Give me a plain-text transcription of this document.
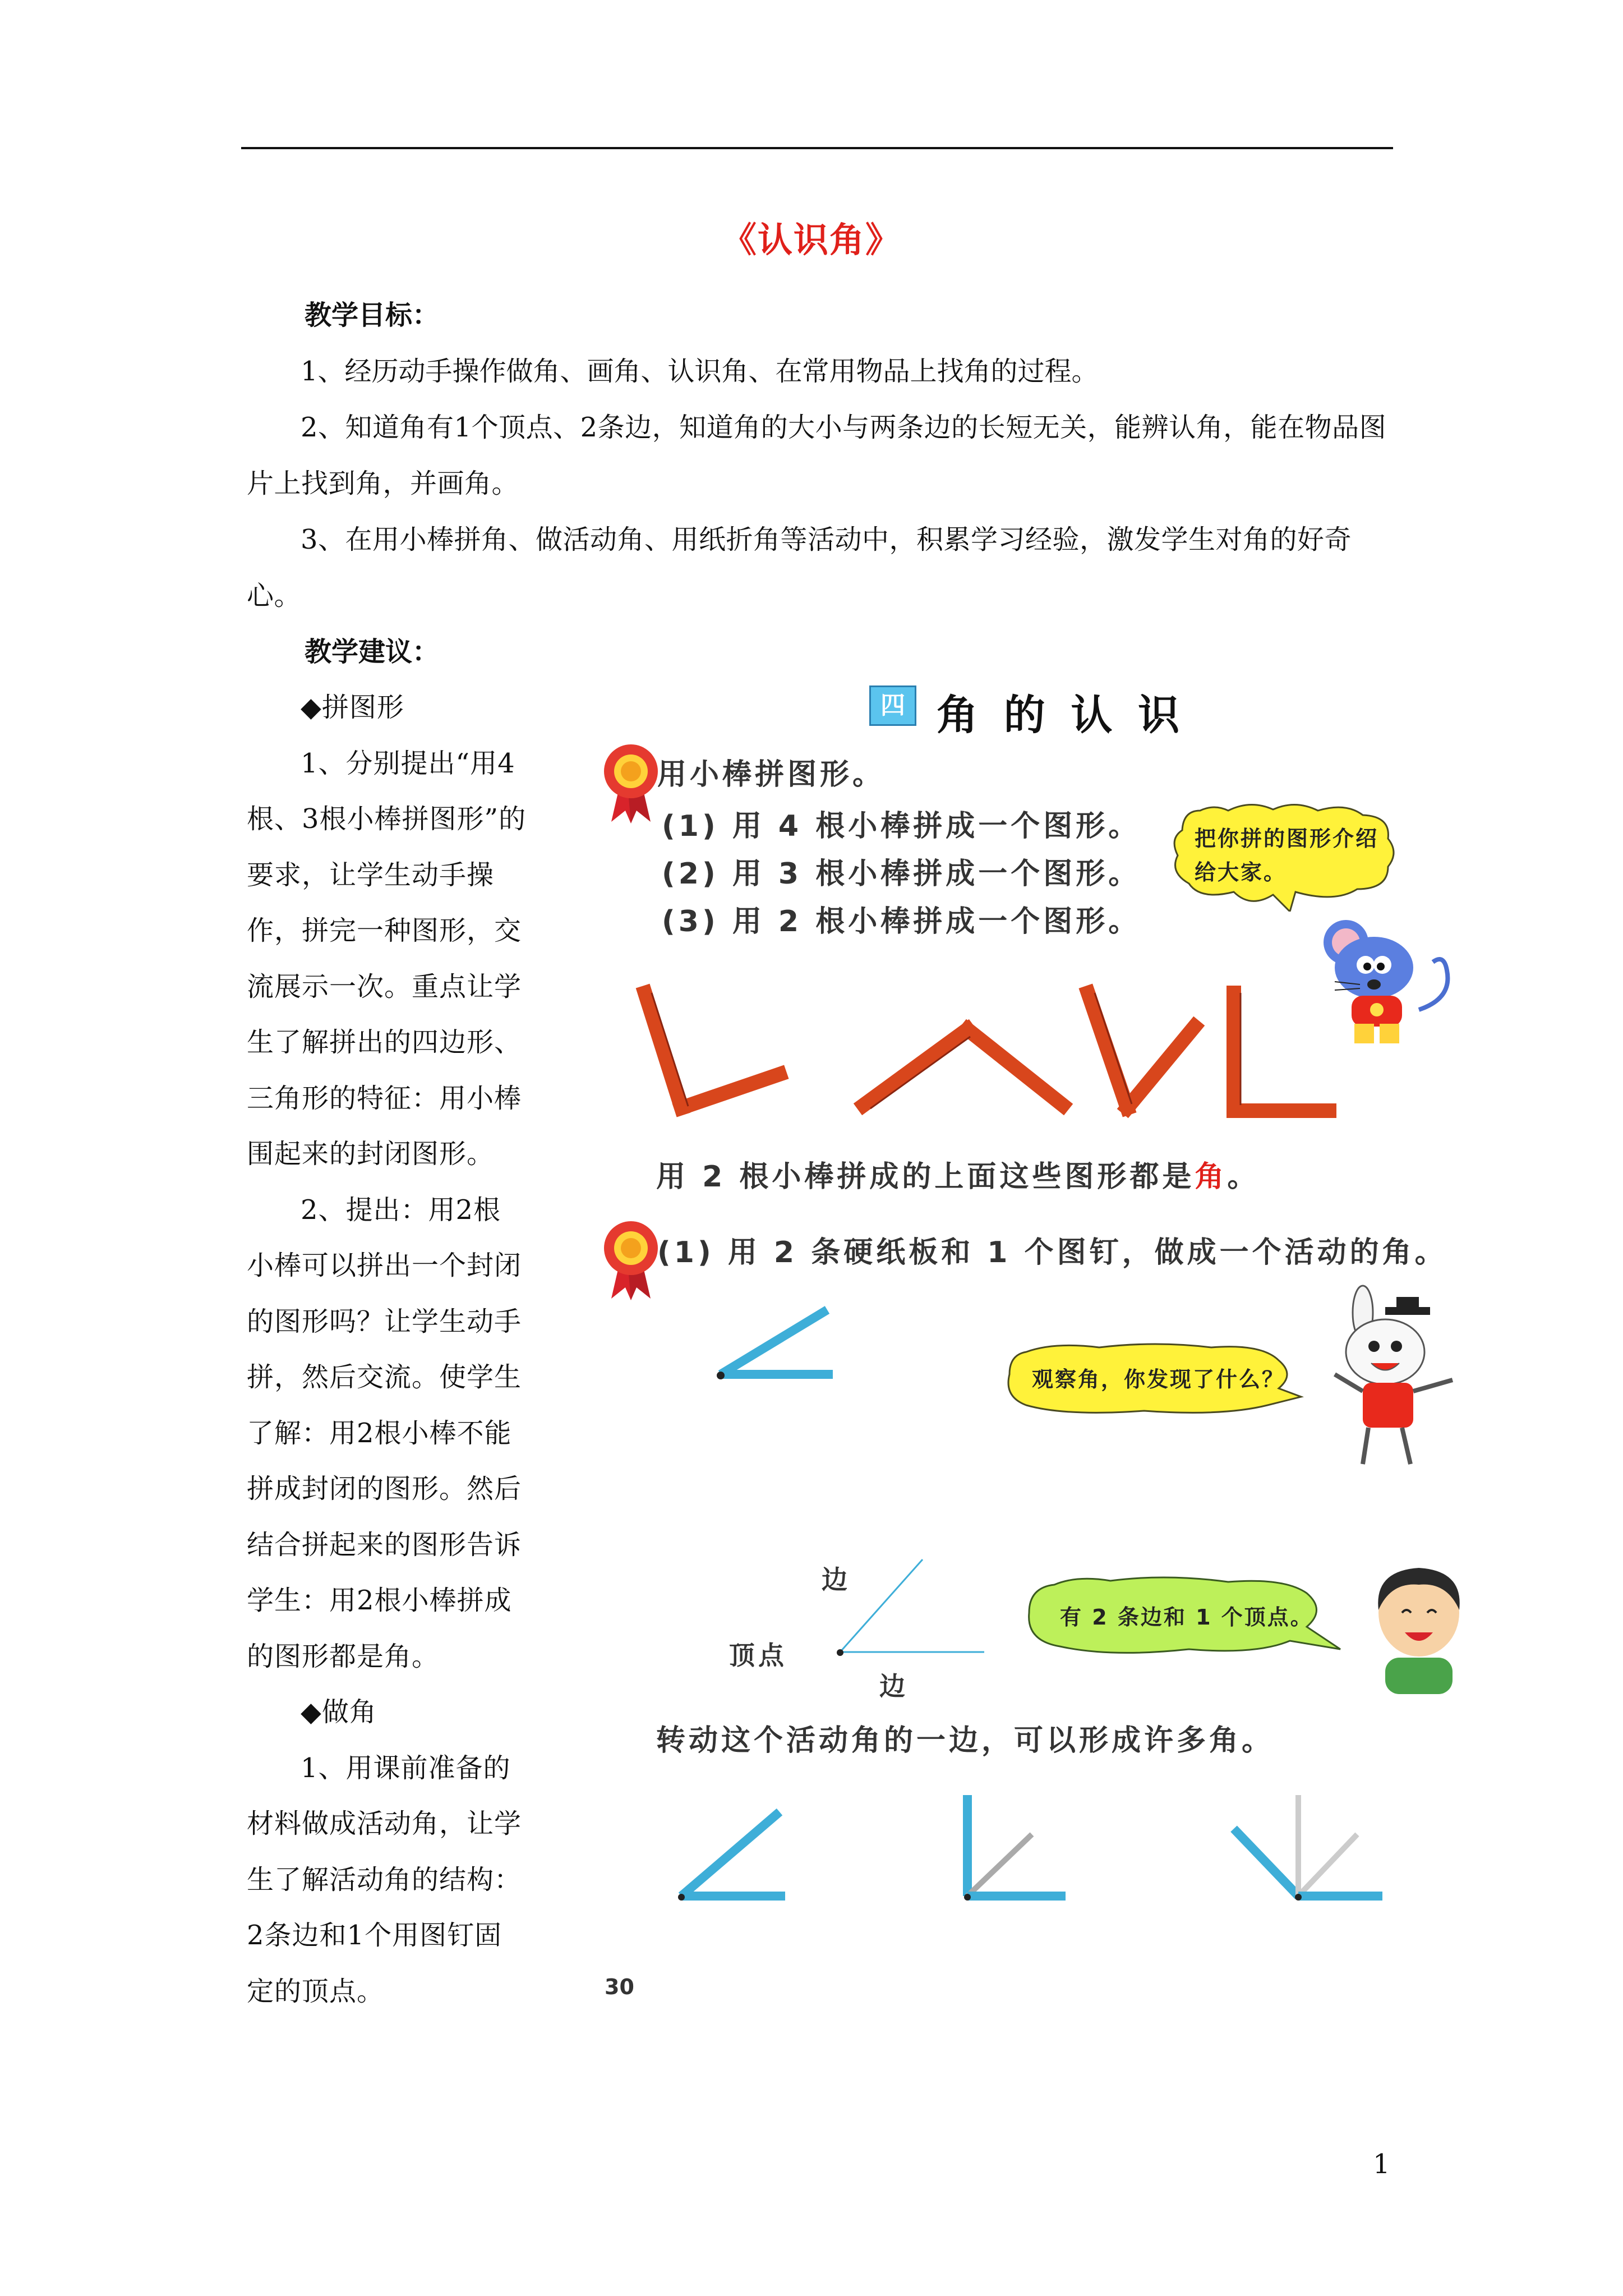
《认识角》
教学目标：
1、经历动手操作做角、画角、认识角、在常用物品上找角的过程。
2、知道角有1个顶点、2条边，知道角的大小与两条边的长短无关，能辨认角，能在物品图片上找到角，并画角。
3、在用小棒拼角、做活动角、用纸折角等活动中，积累学习经验，激发学生对角的好奇心。
教学建议：

◆拼图形

1、分别提出“用4根、3根小棒拼图形”的要求，让学生动手操作，拼完一种图形，交流展示一次。重点让学生了解拼出的四边形、三角形的特征：用小棒围起来的封闭图形。

2、提出：用2根小棒可以拼出一个封闭的图形吗？让学生动手拼，然后交流。使学生了解：用2根小棒不能拼成封闭的图形。然后结合拼起来的图形告诉学生：用2根小棒拼成的图形都是角。

◆做角

1、用课前准备的材料做成活动角，让学生了解活动角的结构：2条边和1个用图钉固定的顶点。

四 角 的 认 识
用小棒拼图形。
(1) 用 4 根小棒拼成一个图形。
(2) 用 3 根小棒拼成一个图形。
(3) 用 2 根小棒拼成一个图形。
把你拼的图形介绍给大家。
用 2 根小棒拼成的上面这些图形都是角。
(1) 用 2 条硬纸板和 1 个图钉，做成一个活动的角。
观察角，你发现了什么？
边
顶点
边
有 2 条边和 1 个顶点。
转动这个活动角的一边，可以形成许多角。
30
1
